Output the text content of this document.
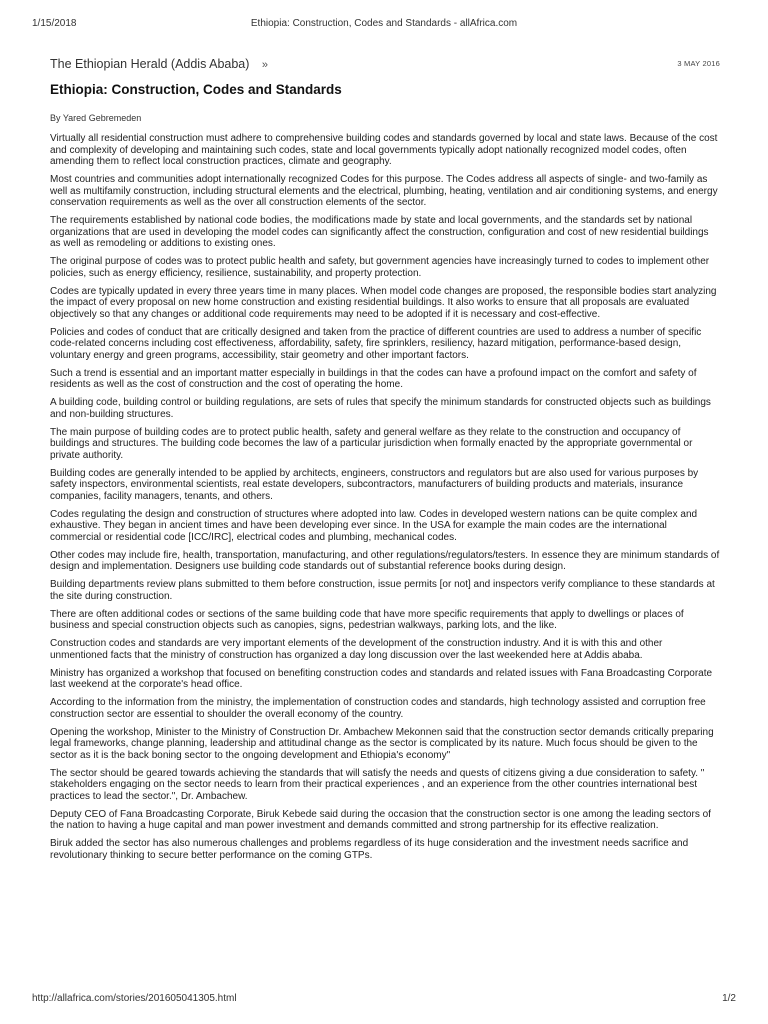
1/15/2018	Ethiopia: Construction, Codes and Standards - allAfrica.com
The Ethiopian Herald (Addis Ababa) »	3 MAY 2016
Ethiopia: Construction, Codes and Standards
By Yared Gebremeden

Virtually all residential construction must adhere to comprehensive building codes and standards governed by local and state laws. Because of the cost and complexity of developing and maintaining such codes, state and local governments typically adopt nationally recognized model codes, often amending them to reflect local construction practices, climate and geography.

Most countries and communities adopt internationally recognized Codes for this purpose. The Codes address all aspects of single- and two-family as well as multifamily construction, including structural elements and the electrical, plumbing, heating, ventilation and air conditioning systems, and energy conservation requirements as well as the over all construction elements of the sector.

The requirements established by national code bodies, the modifications made by state and local governments, and the standards set by national organizations that are used in developing the model codes can significantly affect the construction, configuration and cost of new residential buildings as well as remodeling or additions to existing ones.

The original purpose of codes was to protect public health and safety, but government agencies have increasingly turned to codes to implement other policies, such as energy efficiency, resilience, sustainability, and property protection.

Codes are typically updated in every three years time in many places. When model code changes are proposed, the responsible bodies start analyzing the impact of every proposal on new home construction and existing residential buildings. It also works to ensure that all proposals are evaluated objectively so that any changes or additional code requirements may need to be adopted if it is necessary and cost-effective.

Policies and codes of conduct that are critically designed and taken from the practice of different countries are used to address a number of specific code-related concerns including cost effectiveness, affordability, safety, fire sprinklers, resiliency, hazard mitigation, performance-based design, voluntary energy and green programs, accessibility, stair geometry and other important factors.

Such a trend is essential and an important matter especially in buildings in that the codes can have a profound impact on the comfort and safety of residents as well as the cost of construction and the cost of operating the home.

A building code, building control or building regulations, are sets of rules that specify the minimum standards for constructed objects such as buildings and non-building structures.

The main purpose of building codes are to protect public health, safety and general welfare as they relate to the construction and occupancy of buildings and structures. The building code becomes the law of a particular jurisdiction when formally enacted by the appropriate governmental or private authority.

Building codes are generally intended to be applied by architects, engineers, constructors and regulators but are also used for various purposes by safety inspectors, environmental scientists, real estate developers, subcontractors, manufacturers of building products and materials, insurance companies, facility managers, tenants, and others.

Codes regulating the design and construction of structures where adopted into law. Codes in developed western nations can be quite complex and exhaustive. They began in ancient times and have been developing ever since. In the USA for example the main codes are the international commercial or residential code [ICC/IRC], electrical codes and plumbing, mechanical codes.

Other codes may include fire, health, transportation, manufacturing, and other regulations/regulators/testers. In essence they are minimum standards of design and implementation. Designers use building code standards out of substantial reference books during design.

Building departments review plans submitted to them before construction, issue permits [or not] and inspectors verify compliance to these standards at the site during construction.

There are often additional codes or sections of the same building code that have more specific requirements that apply to dwellings or places of business and special construction objects such as canopies, signs, pedestrian walkways, parking lots, and the like.

Construction codes and standards are very important elements of the development of the construction industry. And it is with this and other unmentioned facts that the ministry of construction has organized a day long discussion over the last weekended here at Addis ababa.

Ministry has organized a workshop that focused on benefiting construction codes and standards and related issues with Fana Broadcasting Corporate last weekend at the corporate's head office.

According to the information from the ministry, the implementation of construction codes and standards, high technology assisted and corruption free construction sector are essential to shoulder the overall economy of the country.

Opening the workshop, Minister to the Ministry of Construction Dr. Ambachew Mekonnen said that the construction sector demands critically preparing legal frameworks, change planning, leadership and attitudinal change as the sector is complicated by its nature. Much focus should be given to the sector as it is the back boning sector to the ongoing development and Ethiopia's economy"

The sector should be geared towards achieving the standards that will satisfy the needs and quests of citizens giving a due consideration to safety. " stakeholders engaging on the sector needs to learn from their practical experiences , and an experience from the other countries international best practices to lead the sector.", Dr. Ambachew.

Deputy CEO of Fana Broadcasting Corporate, Biruk Kebede said during the occasion that the construction sector is one among the leading sectors of the nation to having a huge capital and man power investment and demands committed and strong partnership for its effective realization.

Biruk added the sector has also numerous challenges and problems regardless of its huge consideration and the investment needs sacrifice and revolutionary thinking to secure better performance on the coming GTPs.

http://allafrica.com/stories/201605041305.html	1/2
